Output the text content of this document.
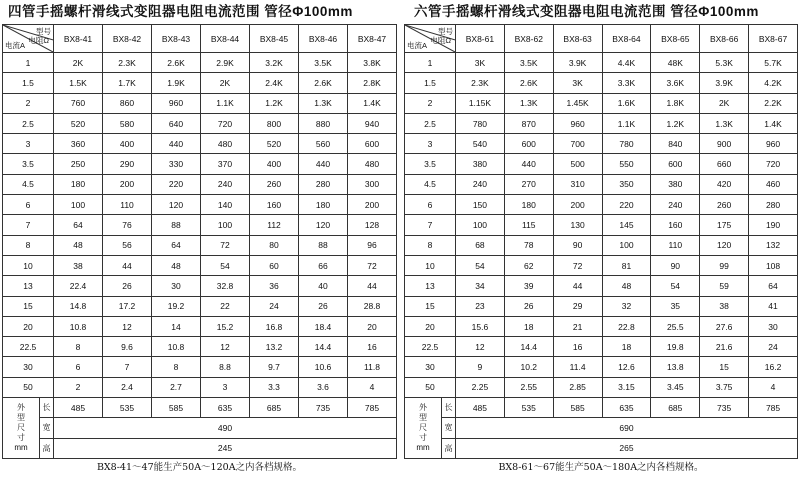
四管手摇螺杆滑线式变阻器电阻电流范围 管径Φ100mm
型号
电阻Ω
电流A		BX8-41	BX8-42	BX8-43	BX8-44	BX8-45	BX8-46	BX8-47
1		2K	2.3K	2.6K	2.9K	3.2K	3.5K	3.8K
1.5		1.5K	1.7K	1.9K	2K	2.4K	2.6K	2.8K
2		760	860	960	1.1K	1.2K	1.3K	1.4K
2.5		520	580	640	720	800	880	940
3		360	400	440	480	520	560	600
3.5		250	290	330	370	400	440	480
4.5		180	200	220	240	260	280	300
6		100	110	120	140	160	180	200
7		64	76	88	100	112	120	128
8		48	56	64	72	80	88	96
10		38	44	48	54	60	66	72
13		22.4	26	30	32.8	36	40	44
15		14.8	17.2	19.2	22	24	26	28.8
20		10.8	12	14	15.2	16.8	18.4	20
22.5		8	9.6	10.8	12	13.2	14.4	16
30		6	7	8	8.8	9.7	10.6	11.8
50		2	2.4	2.7	3	3.3	3.6	4

外
型
尺
寸
mm	长	485	535	585	635	685	735	785
	宽	490						
	高	245						
BX8-41～47能生产50A～120A之内各档规格。
六管手摇螺杆滑线式变阻器电阻电流范围 管径Φ100mm
型号
电阻Ω
电流A		BX8-61	BX8-62	BX8-63	BX8-64	BX8-65	BX8-66	BX8-67
1		3K	3.5K	3.9K	4.4K	48K	5.3K	5.7K
1.5		2.3K	2.6K	3K	3.3K	3.6K	3.9K	4.2K
2		1.15K	1.3K	1.45K	1.6K	1.8K	2K	2.2K
2.5		780	870	960	1.1K	1.2K	1.3K	1.4K
3		540	600	700	780	840	900	960
3.5		380	440	500	550	600	660	720
4.5		240	270	310	350	380	420	460
6		150	180	200	220	240	260	280
7		100	115	130	145	160	175	190
8		68	78	90	100	110	120	132
10		54	62	72	81	90	99	108
13		34	39	44	48	54	59	64
15		23	26	29	32	35	38	41
20		15.6	18	21	22.8	25.5	27.6	30
22.5		12	14.4	16	18	19.8	21.6	24
30		9	10.2	11.4	12.6	13.8	15	16.2
50		2.25	2.55	2.85	3.15	3.45	3.75	4

外
型
尺
寸
mm	长	485	535	585	635	685	735	785
	宽	690						
	高	265						
BX8-61～67能生产50A～180A之内各档规格。
